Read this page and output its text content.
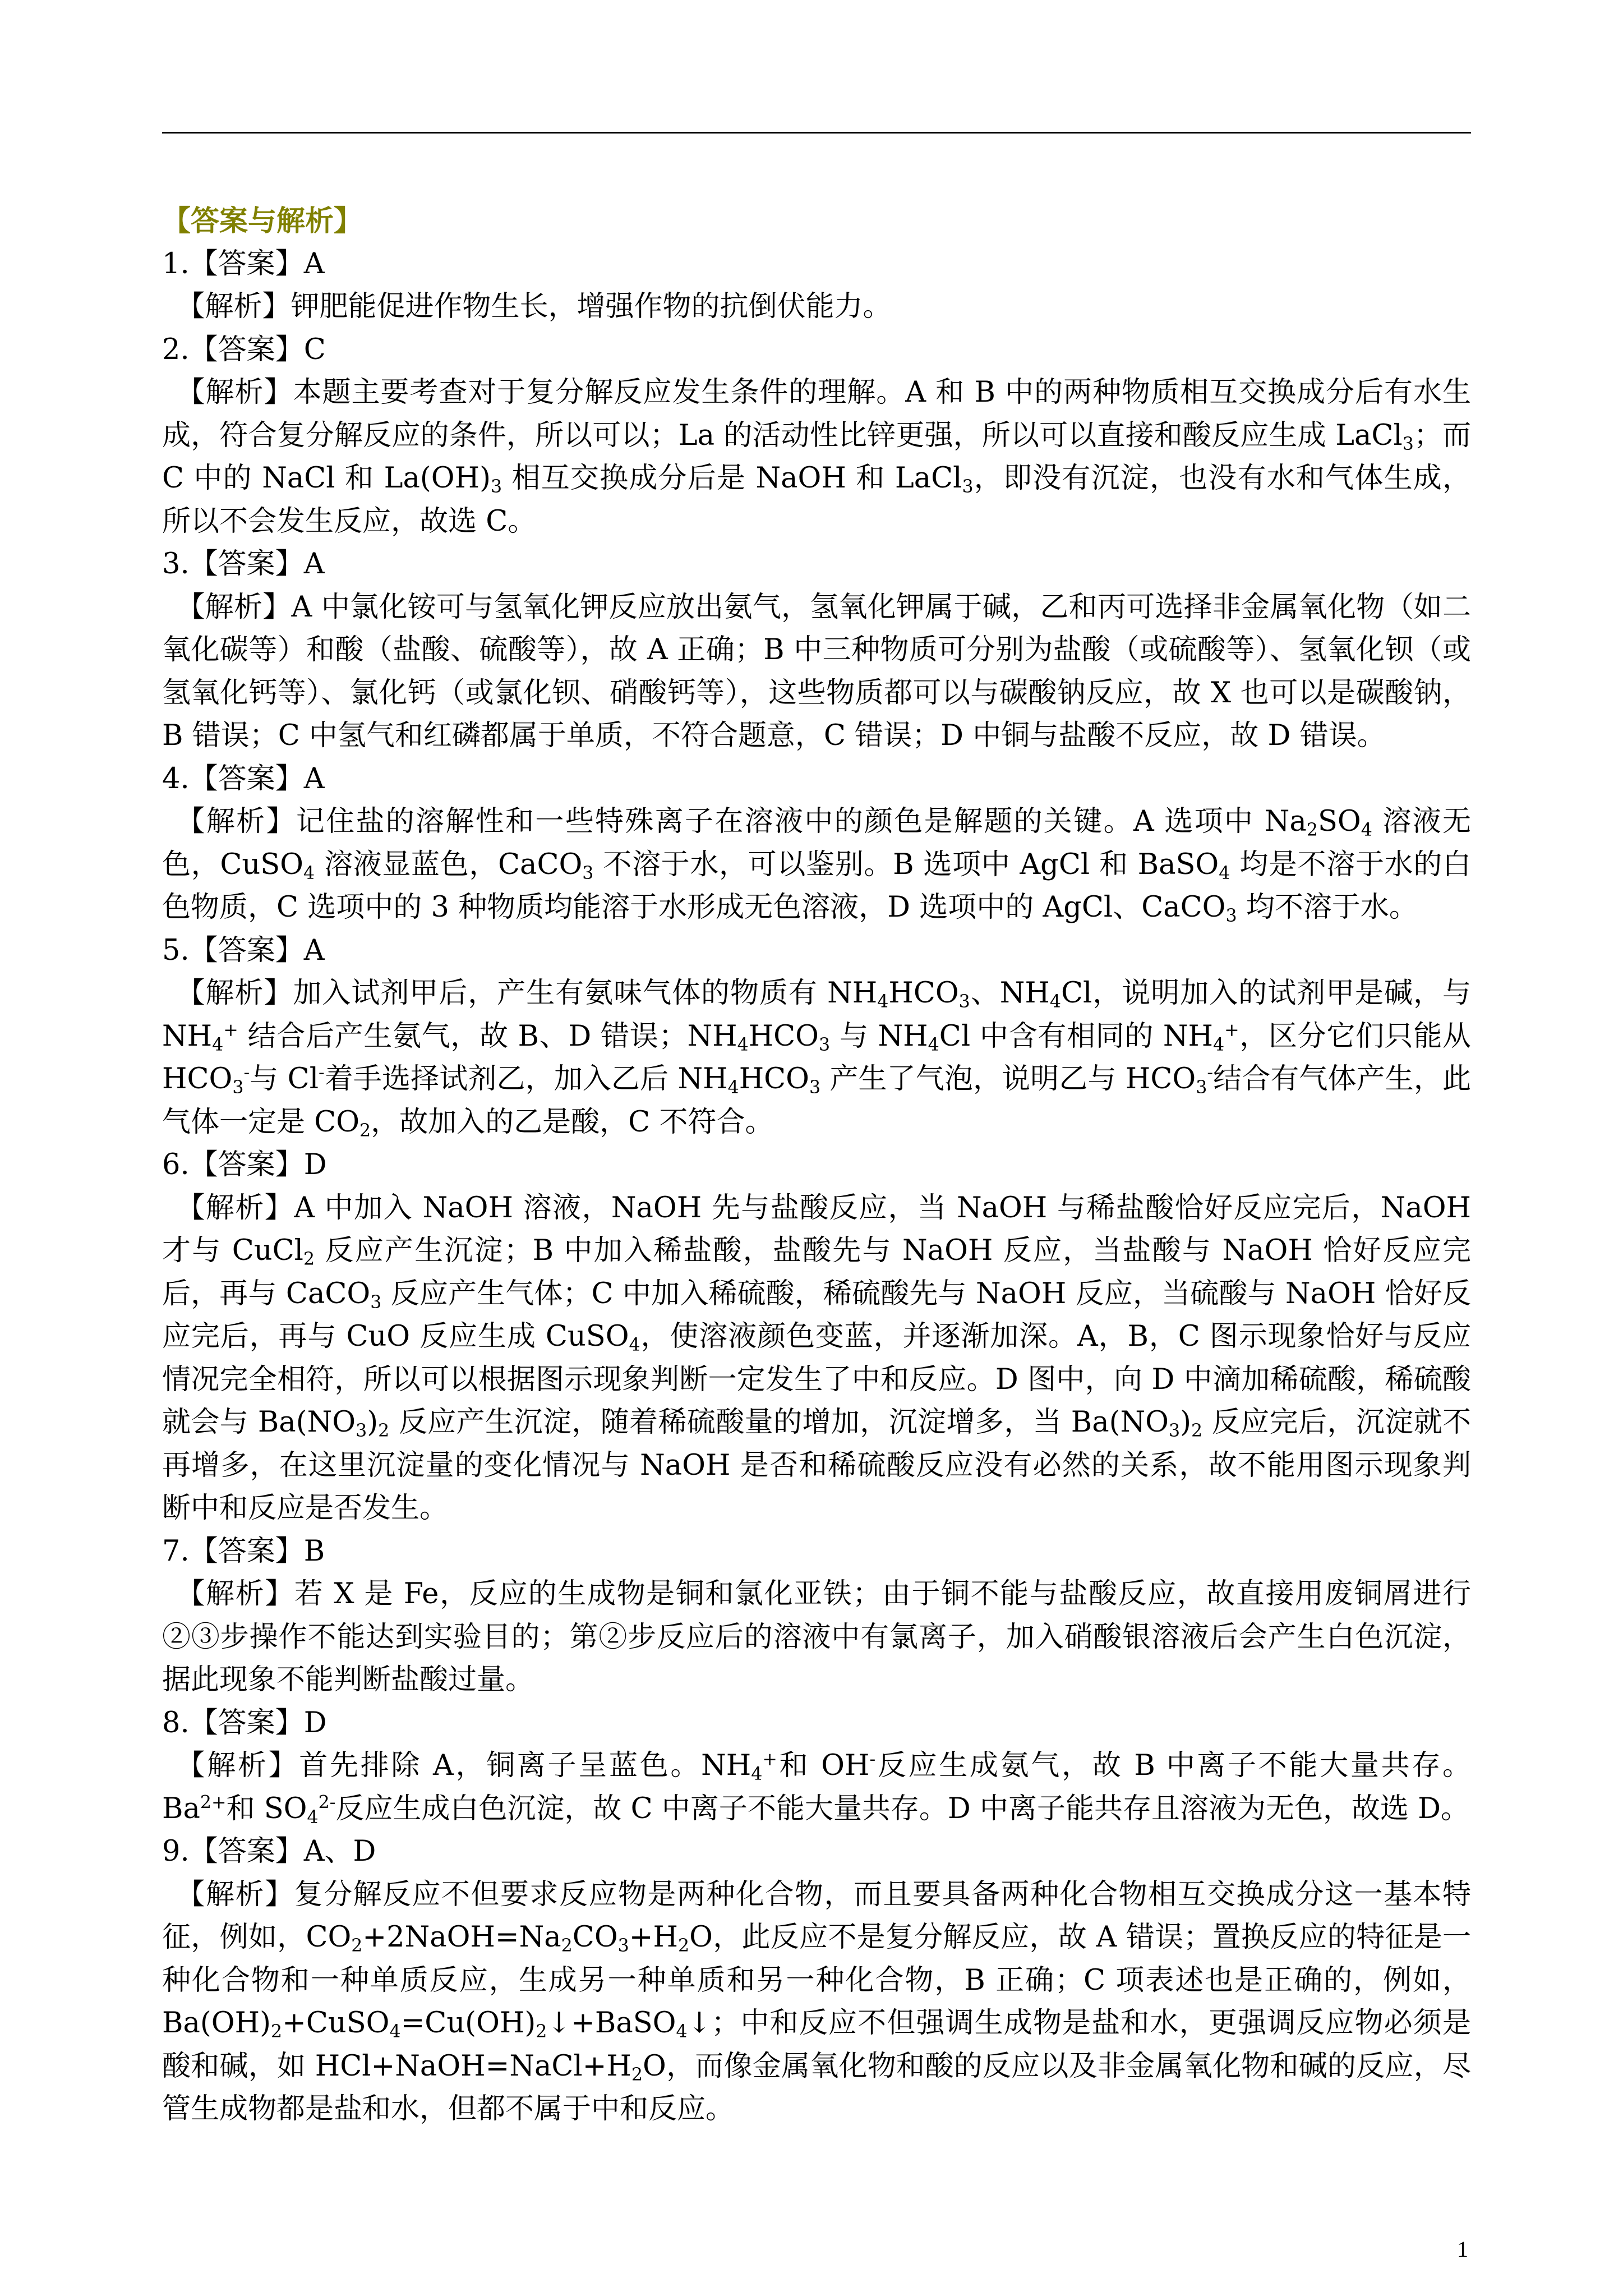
【答案与解析】

1.【答案】A

【解析】钾肥能促进作物生长，增强作物的抗倒伏能力。

2.【答案】C

【解析】本题主要考查对于复分解反应发生条件的理解。A 和 B 中的两种物质相互交换成分后有水生成，符合复分解反应的条件，所以可以；La 的活动性比锌更强，所以可以直接和酸反应生成 LaCl$_3$；而 C 中的 NaCl 和 $La(OH)_3$ 相互交换成分后是 NaOH 和 LaCl$_3$，即没有沉淀，也没有水和气体生成，所以不会发生反应，故选 C。

3.【答案】A

【解析】A 中氯化铵可与氢氧化钾反应放出氨气，氢氧化钾属于碱，乙和丙可选择非金属氧化物（如二氧化碳等）和酸（盐酸、硫酸等），故 A 正确；B 中三种物质可分别为盐酸（或硫酸等）、氢氧化钡（或氢氧化钙等）、氯化钙（或氯化钡、硝酸钙等），这些物质都可以与碳酸钠反应，故 X 也可以是碳酸钠，B 错误；C 中氢气和红磷都属于单质，不符合题意，C 错误；D 中铜与盐酸不反应，故 D 错误。

4.【答案】A

【解析】记住盐的溶解性和一些特殊离子在溶液中的颜色是解题的关键。A 选项中 $Na_2SO_4$ 溶液无色，CuSO$_4$ 溶液显蓝色，CaCO$_3$ 不溶于水，可以鉴别。B 选项中 AgCl 和 BaSO$_4$ 均是不溶于水的白色物质，C 选项中的 3 种物质均能溶于水形成无色溶液，D 选项中的 AgCl、CaCO$_3$ 均不溶于水。

5.【答案】A

【解析】加入试剂甲后，产生有氨味气体的物质有 $NH_4HCO_3$、$NH_4Cl$，说明加入的试剂甲是碱，与 $NH_4^+$ 结合后产生氨气，故 B、D 错误；$NH_4HCO_3$ 与 $NH_4Cl$ 中含有相同的 $NH_4^+$，区分它们只能从 $HCO_3^-$与 Cl-着手选择试剂乙，加入乙后 $NH_4HCO_3$ 产生了气泡，说明乙与 $HCO_3^-$结合有气体产生，此气体一定是 $CO_2$，故加入的乙是酸，C 不符合。

6.【答案】D

【解析】A 中加入 NaOH 溶液，NaOH 先与盐酸反应，当 NaOH 与稀盐酸恰好反应完后，NaOH 才与 CuCl$_2$ 反应产生沉淀；B 中加入稀盐酸，盐酸先与 NaOH 反应，当盐酸与 NaOH 恰好反应完后，再与 CaCO$_3$ 反应产生气体；C 中加入稀硫酸，稀硫酸先与 NaOH 反应，当硫酸与 NaOH 恰好反应完后，再与 CuO 反应生成 CuSO$_4$，使溶液颜色变蓝，并逐渐加深。A，B，C 图示现象恰好与反应情况完全相符，所以可以根据图示现象判断一定发生了中和反应。D 图中，向 D 中滴加稀硫酸，稀硫酸就会与 $Ba(NO_3)_2$ 反应产生沉淀，随着稀硫酸量的增加，沉淀增多，当 $Ba(NO_3)_2$ 反应完后，沉淀就不再增多，在这里沉淀量的变化情况与 NaOH 是否和稀硫酸反应没有必然的关系，故不能用图示现象判断中和反应是否发生。

7.【答案】B

【解析】若 X 是 Fe，反应的生成物是铜和氯化亚铁；由于铜不能与盐酸反应，故直接用废铜屑进行②③步操作不能达到实验目的；第②步反应后的溶液中有氯离子，加入硝酸银溶液后会产生白色沉淀，据此现象不能判断盐酸过量。

8.【答案】D

【解析】首先排除 A，铜离子呈蓝色。$NH_4^+$和 OH-反应生成氨气，故 B 中离子不能大量共存。$Ba^{2+}$和 $SO_4^{2-}$反应生成白色沉淀，故 C 中离子不能大量共存。D 中离子能共存且溶液为无色，故选 D。

9.【答案】A、D

【解析】复分解反应不但要求反应物是两种化合物，而且要具备两种化合物相互交换成分这一基本特征，例如，$CO_2+2NaOH=Na_2CO_3+H_2O$，此反应不是复分解反应，故 A 错误；置换反应的特征是一种化合物和一种单质反应，生成另一种单质和另一种化合物，B 正确；C 项表述也是正确的，例如，$Ba(OH)_2+CuSO_4=Cu(OH)_2↓+BaSO_4↓$；中和反应不但强调生成物是盐和水，更强调反应物必须是酸和碱，如 $HCl+NaOH=NaCl+H_2O$，而像金属氧化物和酸的反应以及非金属氧化物和碱的反应，尽管生成物都是盐和水，但都不属于中和反应。

1
